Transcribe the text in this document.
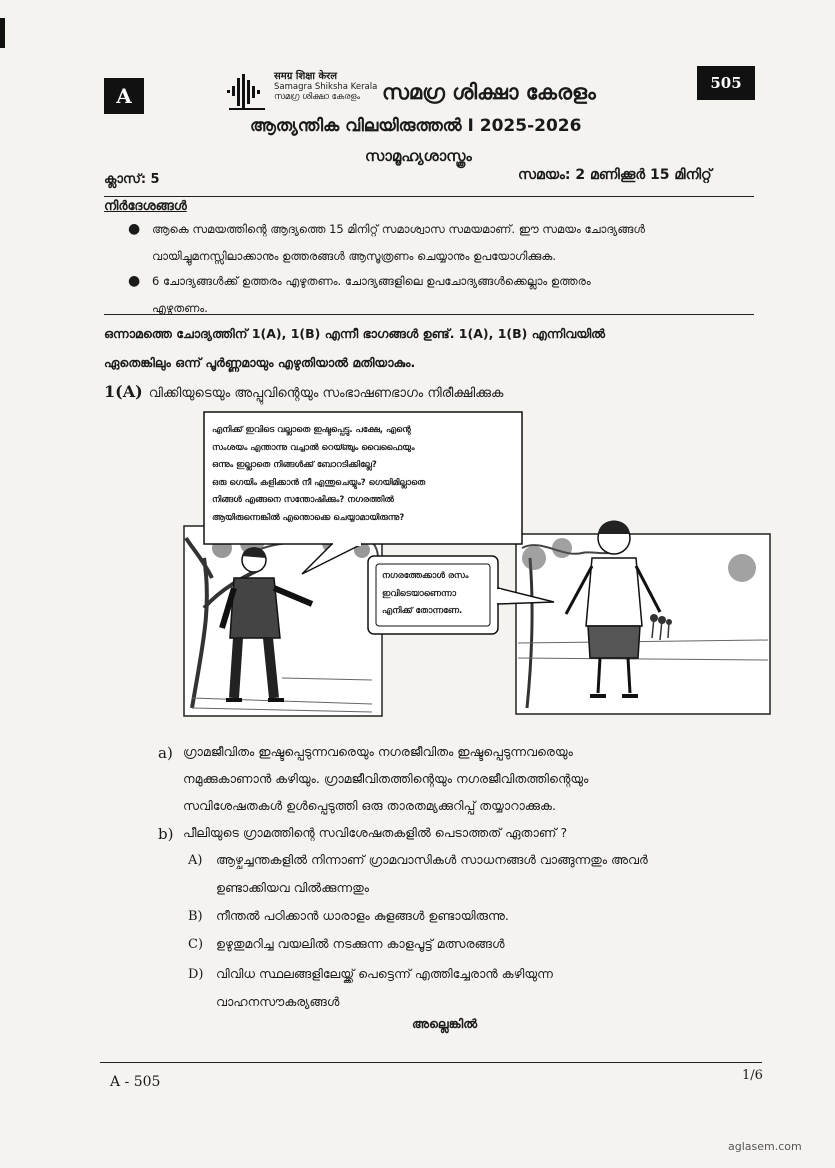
A
505
समग्र शिक्षा केरल
Samagra Shiksha Kerala
സമഗ്ര ശിക്ഷാ കേരളം	സമഗ്ര ശിക്ഷാ കേരളം
ആത്യന്തിക വിലയിരുത്തൽ I 2025-2026
സാമൂഹ്യശാസ്ത്രം
ക്ലാസ്: 5	സമയം: 2 മണിക്കൂർ 15 മിനിറ്റ്
നിർദേശങ്ങൾ
● ആകെ സമയത്തിന്റെ ആദ്യത്തെ 15 മിനിറ്റ് സമാശ്വാസ സമയമാണ്. ഈ സമയം ചോദ്യങ്ങൾ
വായിച്ചുമനസ്സിലാക്കാനും ഉത്തരങ്ങൾ ആസൂത്രണം ചെയ്യാനും ഉപയോഗിക്കുക.
● 6 ചോദ്യങ്ങൾക്ക് ഉത്തരം എഴുതണം. ചോദ്യങ്ങളിലെ ഉപചോദ്യങ്ങൾക്കെല്ലാം ഉത്തരം
എഴുതണം.
ഒന്നാമത്തെ ചോദ്യത്തിന് 1(A), 1(B) എന്നീ ഭാഗങ്ങൾ ഉണ്ട്. 1(A), 1(B) എന്നിവയിൽ
ഏതെങ്കിലും ഒന്ന് പൂർണ്ണമായും എഴുതിയാൽ മതിയാകും.
1(A) വിക്കിയുടെയും അപ്പുവിന്റെയും സംഭാഷണഭാഗം നിരീക്ഷിക്കുക
എനിക്ക് ഇവിടെ വല്ലാതെ ഇഷ്ടപ്പെട്ടു. പക്ഷേ, എന്റെ
സംശയം എന്താന്നു വച്ചാൽ റെയ്ഞ്ചും വൈഫൈയും
ഒന്നും ഇല്ലാതെ നിങ്ങൾക്ക് ബോറടിക്കില്ലേ?
ഒരു ഗെയിം കളിക്കാൻ നീ എന്തുചെയ്യും? ഗെയിമില്ലാതെ
നിങ്ങൾ എങ്ങനെ സന്തോഷിക്കും? നഗരത്തിൽ
ആയിരുന്നെങ്കിൽ എന്തൊക്കെ ചെയ്യാമായിരുന്നു?
നഗരത്തേക്കാൾ രസം
ഇവിടെയാണെന്നാ
എനിക്ക് തോന്നണേ.
a) ഗ്രാമജീവിതം ഇഷ്ടപ്പെടുന്നവരെയും നഗരജീവിതം ഇഷ്ടപ്പെടുന്നവരെയും
നമുക്കുകാണാൻ കഴിയും. ഗ്രാമജീവിതത്തിന്റെയും നഗരജീവിതത്തിന്റെയും
സവിശേഷതകൾ ഉൾപ്പെടുത്തി ഒരു താരതമ്യക്കുറിപ്പ് തയ്യാറാക്കുക.
b) പീലിയുടെ ഗ്രാമത്തിന്റെ സവിശേഷതകളിൽ പെടാത്തത് ഏതാണ് ?
A) ആഴ്ചച്ചന്തകളിൽ നിന്നാണ് ഗ്രാമവാസികൾ സാധനങ്ങൾ വാങ്ങുന്നതും അവർ
ഉണ്ടാക്കിയവ വിൽക്കുന്നതും
B) നീന്തൽ പഠിക്കാൻ ധാരാളം കുളങ്ങൾ ഉണ്ടായിരുന്നു.
C) ഉഴുതുമറിച്ച വയലിൽ നടക്കുന്ന കാളപൂട്ട് മത്സരങ്ങൾ
D) വിവിധ സ്ഥലങ്ങളിലേയ്ക്ക് പെട്ടെന്ന് എത്തിച്ചേരാൻ കഴിയുന്ന
വാഹനസൗകര്യങ്ങൾ
അല്ലെങ്കിൽ
A - 505	1/6
aglasem.com
